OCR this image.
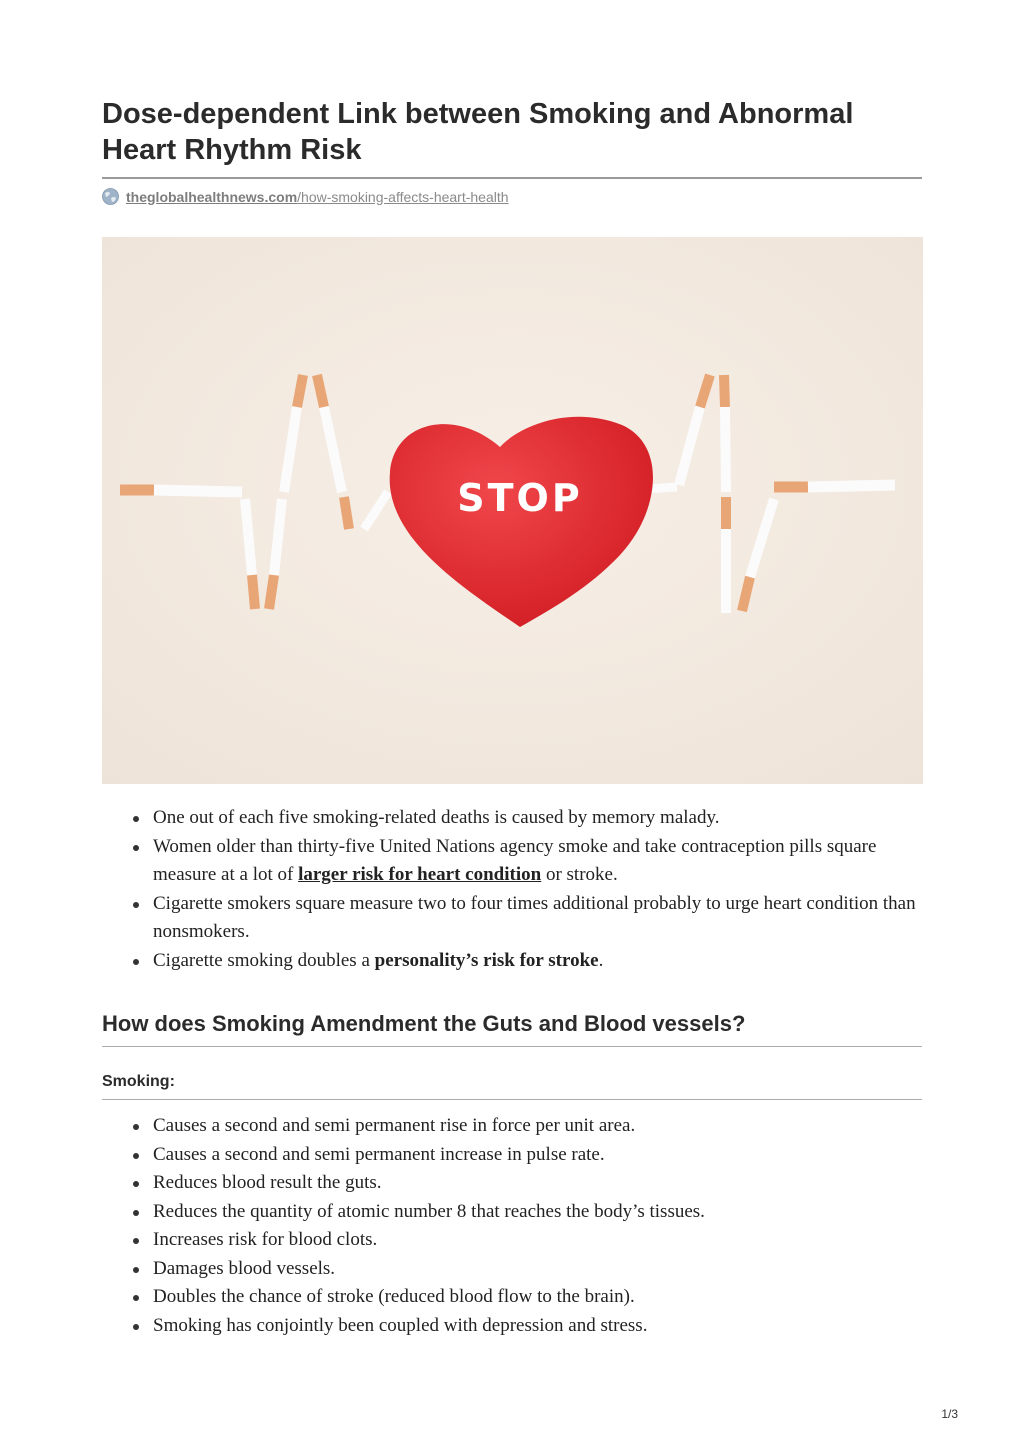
Dose-dependent Link between Smoking and Abnormal Heart Rhythm Risk
theglobalhealthnews.com /how-smoking-affects-heart-health
STOP
One out of each five smoking-related deaths is caused by memory malady.
Women older than thirty-five United Nations agency smoke and take contraception pills square measure at a lot of larger risk for heart condition or stroke.
Cigarette smokers square measure two to four times additional probably to urge heart condition than nonsmokers.
Cigarette smoking doubles a personality’s risk for stroke.
How does Smoking Amendment the Guts and Blood vessels?
Smoking:
Causes a second and semi permanent rise in force per unit area.
Causes a second and semi permanent increase in pulse rate.
Reduces blood result the guts.
Reduces the quantity of atomic number 8 that reaches the body’s tissues.
Increases risk for blood clots.
Damages blood vessels.
Doubles the chance of stroke (reduced blood flow to the brain).
Smoking has conjointly been coupled with depression and stress.
1/3
